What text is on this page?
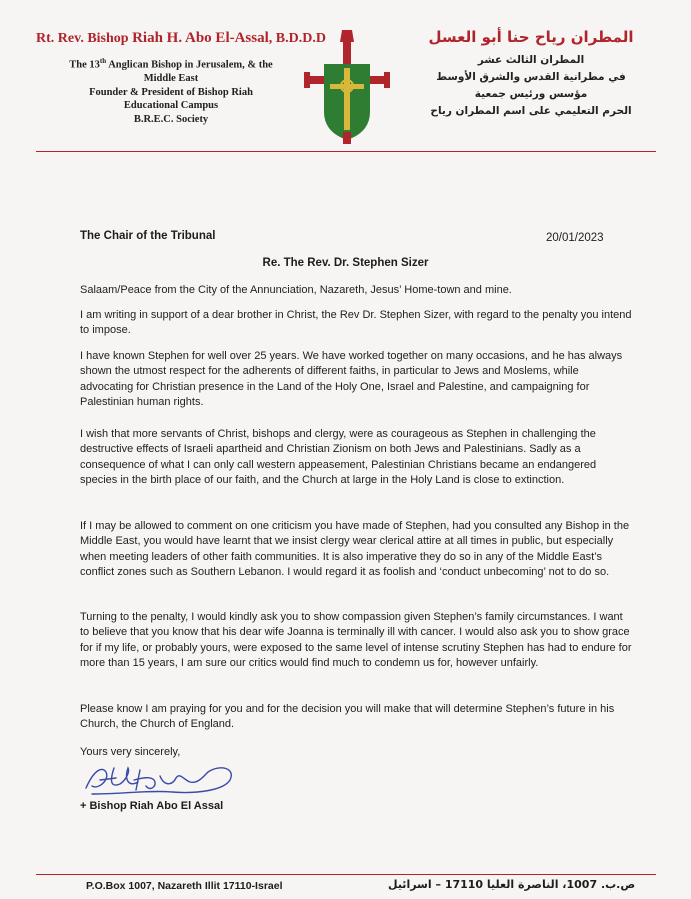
Rt. Rev. Bishop Riah H. Abo El-Assal, B.D.D.D
The 13th Anglican Bishop in Jerusalem, & the
Middle East
Founder & President of Bishop Riah
Educational Campus
B.R.E.C. Society
المطران رياح حنا أبو العسل
المطران الثالث عشر
في مطرانية القدس والشرق الأوسط
مؤسس ورئيس جمعية
الحرم التعليمي على اسم المطران رياح
The Chair of the Tribunal	20/01/2023
Re. The Rev. Dr. Stephen Sizer
Salaam/Peace from the City of the Annunciation, Nazareth, Jesus’ Home-town and mine.
I am writing in support of a dear brother in Christ, the Rev Dr. Stephen Sizer, with regard to the penalty you intend to impose.
I have known Stephen for well over 25 years. We have worked together on many occasions, and he has always shown the utmost respect for the adherents of different faiths, in particular to Jews and Moslems, while advocating for Christian presence in the Land of the Holy One, Israel and Palestine, and campaigning for Palestinian human rights.
I wish that more servants of Christ, bishops and clergy, were as courageous as Stephen in challenging the destructive effects of Israeli apartheid and Christian Zionism on both Jews and Palestinians. Sadly as a consequence of what I can only call western appeasement, Palestinian Christians became an endangered species in the birth place of our faith, and the Church at large in the Holy Land is close to extinction.
If I may be allowed to comment on one criticism you have made of Stephen, had you consulted any Bishop in the Middle East, you would have learnt that we insist clergy wear clerical attire at all times in public, but especially when meeting leaders of other faith communities. It is also imperative they do so in any of the Middle East’s conflict zones such as Southern Lebanon. I would regard it as foolish and ‘conduct unbecoming’ not to do so.
Turning to the penalty, I would kindly ask you to show compassion given Stephen’s family circumstances. I want to believe that you know that his dear wife Joanna is terminally ill with cancer. I would also ask you to show grace for if my life, or probably yours, were exposed to the same level of intense scrutiny Stephen has had to endure for more than 15 years, I am sure our critics would find much to condemn us for, however unfairly.
Please know I am praying for you and for the decision you will make that will determine Stephen’s future in his Church, the Church of England.
Yours very sincerely,
+ Bishop Riah Abo El Assal
P.O.Box 1007, Nazareth Illit 17110-Israel	ص.ب. 1007، الناصرة العليا 17110 – اسرائيل
